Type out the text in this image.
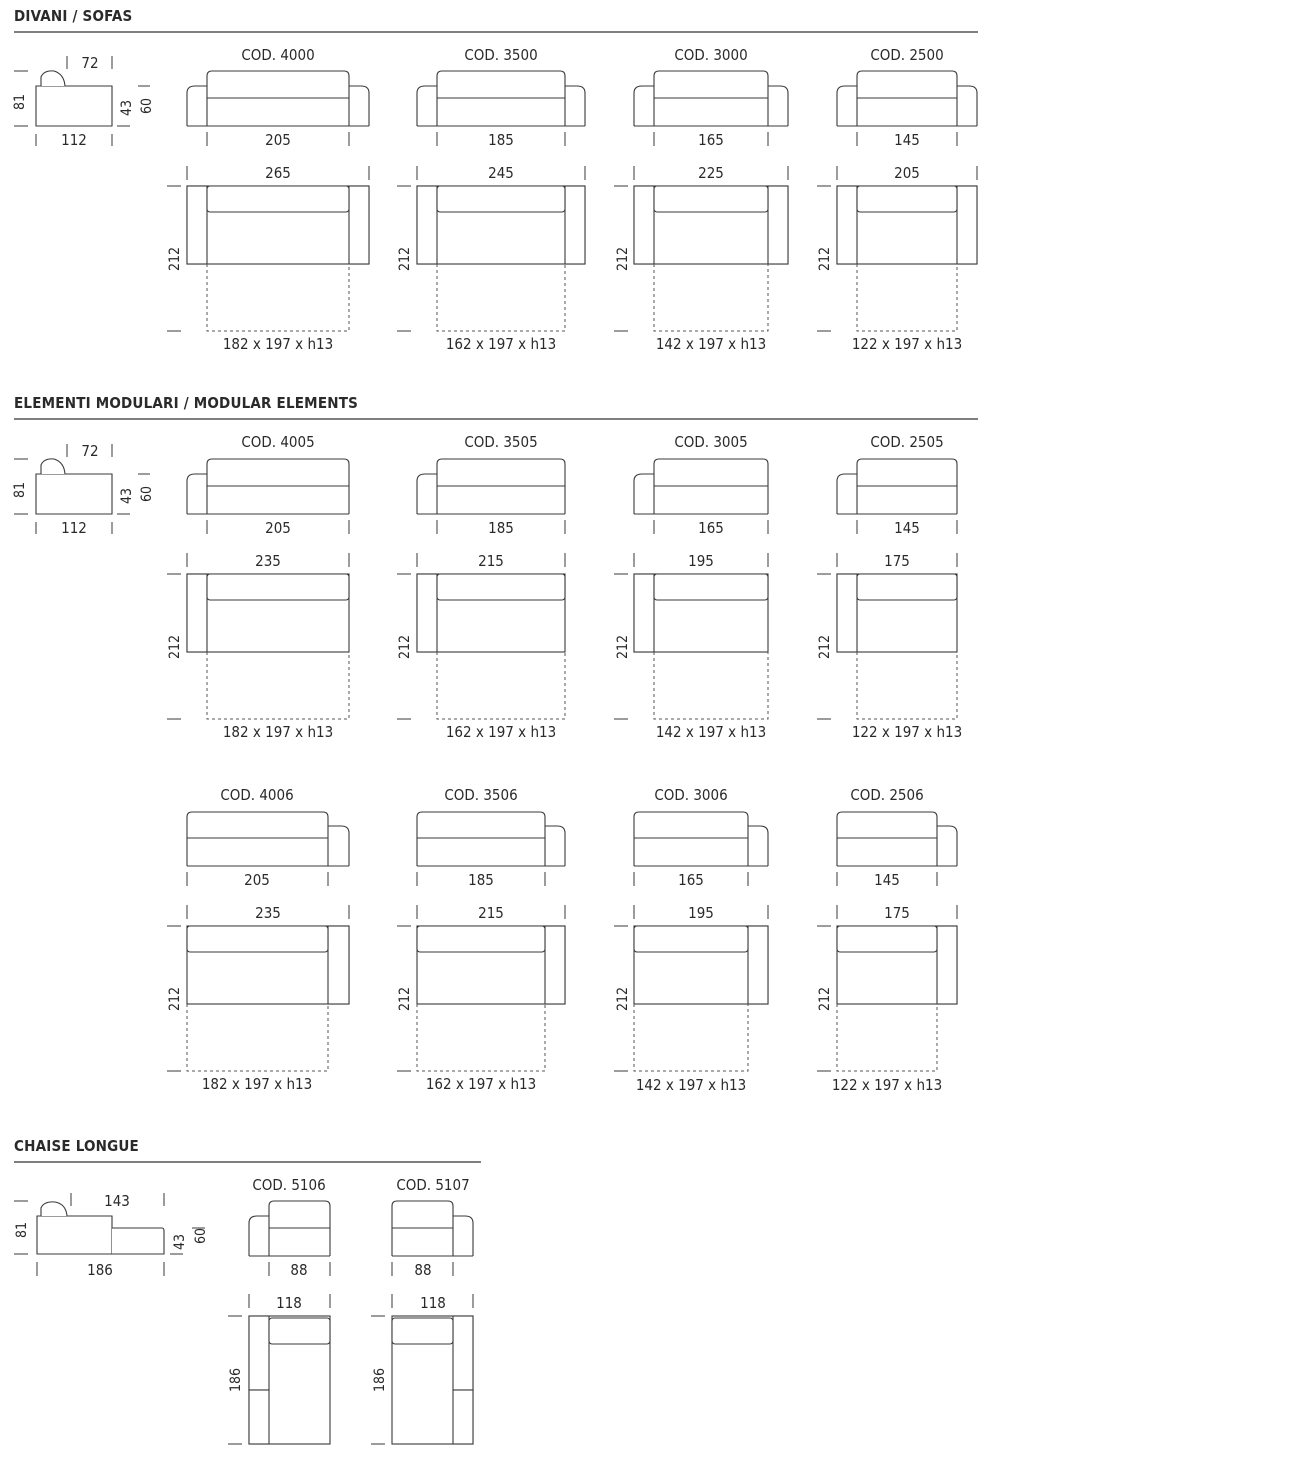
DIVANI / SOFAS
72
112
81	43 60
COD. 4000
205
265
212
182 x 197 x h13
COD. 3500
185
245
212
162 x 197 x h13
COD. 3000
165
225
212
142 x 197 x h13
COD. 2500
145
205
212
122 x 197 x h13
ELEMENTI MODULARI / MODULAR ELEMENTS
72
112
81	43 60
COD. 4005
205
235
212
182 x 197 x h13
COD. 3505
185
215
212
162 x 197 x h13
COD. 3005
165
195
212
142 x 197 x h13
COD. 2505
145
175
212
122 x 197 x h13
COD. 4006
205
235
212
182 x 197 x h13
COD. 3506
185
215
212
162 x 197 x h13
COD. 3006
165
195
212
142 x 197 x h13
COD. 2506
145
175
212
122 x 197 x h13
CHAISE LONGUE
143
186
81
43 60
COD. 5106
88
118
186
COD. 5107
88
118
186
